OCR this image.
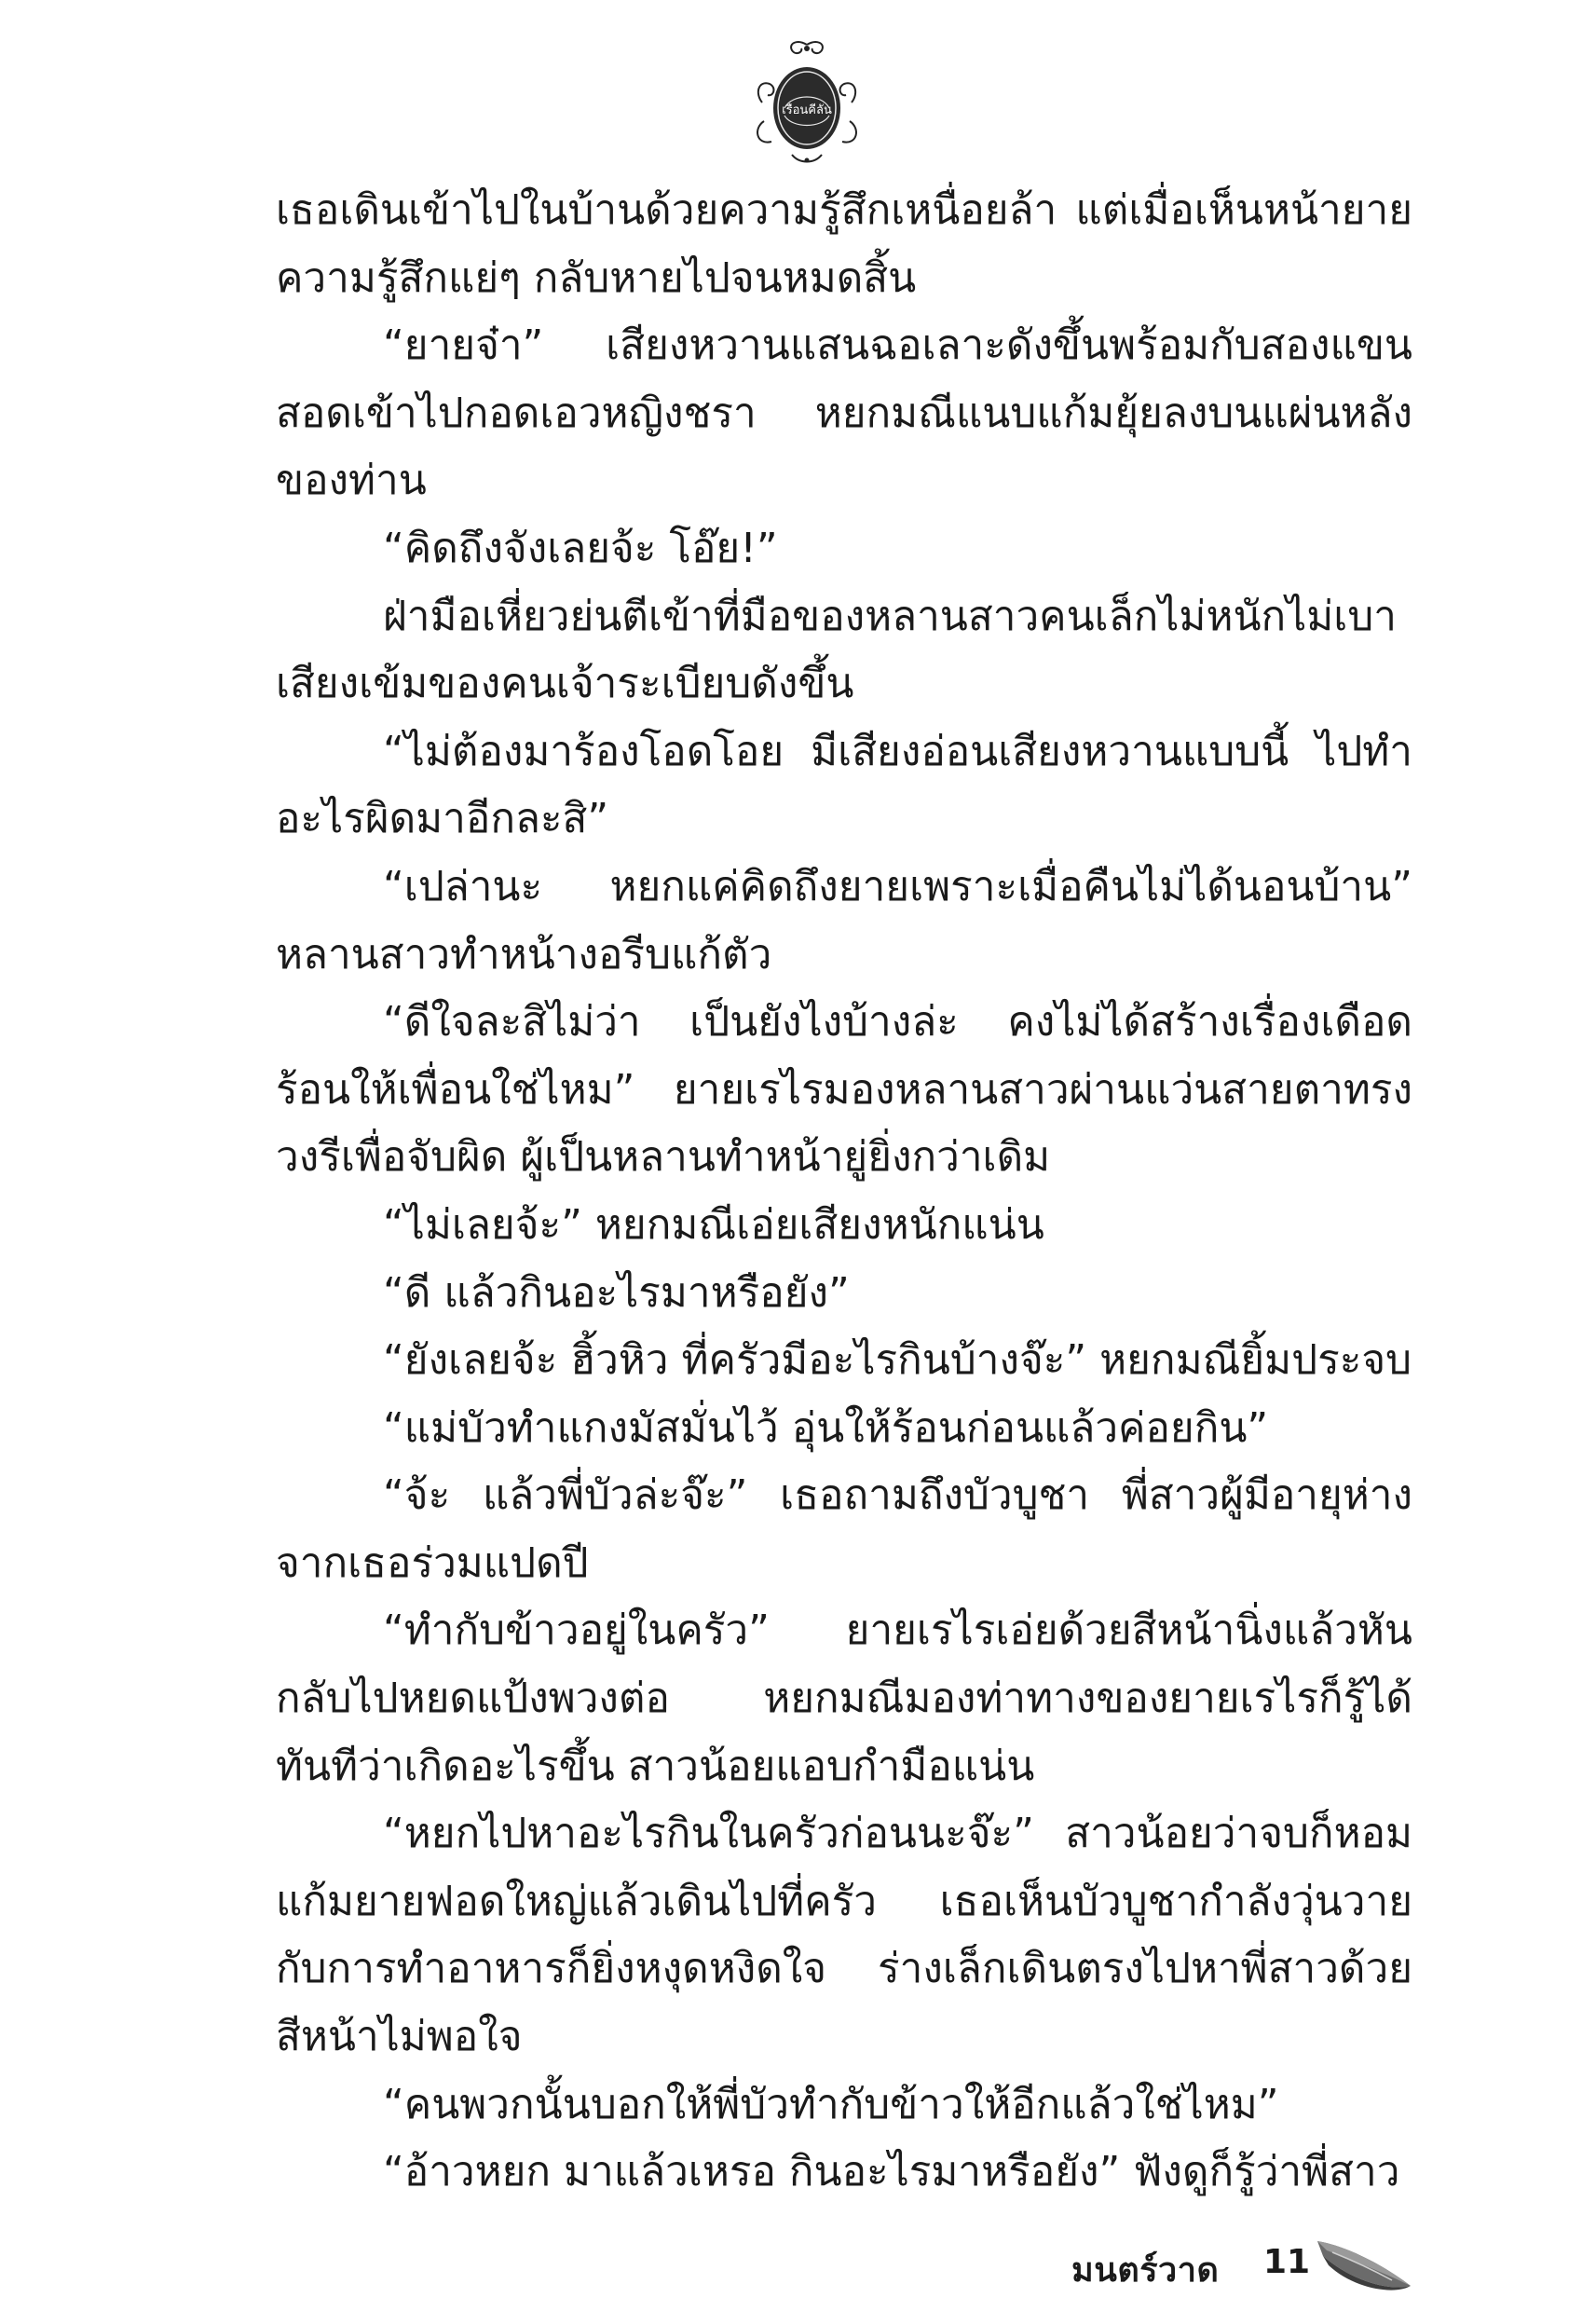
เรือนคีลัน

เธอเดินเข้าไปในบ้านด้วยความรู้สึกเหนื่อยล้า แต่เมื่อเห็นหน้ายาย ความรู้สึกแย่ๆ กลับหายไปจนหมดสิ้น

“ยายจ๋า” เสียงหวานแสนฉอเลาะดังขึ้นพร้อมกับสองแขนสอดเข้าไปกอดเอวหญิงชรา หยกมณีแนบแก้มยุ้ยลงบนแผ่นหลังของท่าน

“คิดถึงจังเลยจ้ะ โอ๊ย!”

ฝ่ามือเหี่ยวย่นตีเข้าที่มือของหลานสาวคนเล็กไม่หนักไม่เบา เสียงเข้มของคนเจ้าระเบียบดังขึ้น

“ไม่ต้องมาร้องโอดโอย มีเสียงอ่อนเสียงหวานแบบนี้ ไปทำอะไรผิดมาอีกละสิ”

“เปล่านะ หยกแค่คิดถึงยายเพราะเมื่อคืนไม่ได้นอนบ้าน” หลานสาวทำหน้างอรีบแก้ตัว

“ดีใจละสิไม่ว่า เป็นยังไงบ้างล่ะ คงไม่ได้สร้างเรื่องเดือดร้อนให้เพื่อนใช่ไหม” ยายเรไรมองหลานสาวผ่านแว่นสายตาทรงวงรีเพื่อจับผิด ผู้เป็นหลานทำหน้ายู่ยิ่งกว่าเดิม

“ไม่เลยจ้ะ” หยกมณีเอ่ยเสียงหนักแน่น

“ดี แล้วกินอะไรมาหรือยัง”

“ยังเลยจ้ะ ฮิ้วหิว ที่ครัวมีอะไรกินบ้างจ๊ะ” หยกมณียิ้มประจบ

“แม่บัวทำแกงมัสมั่นไว้ อุ่นให้ร้อนก่อนแล้วค่อยกิน”

“จ้ะ แล้วพี่บัวล่ะจ๊ะ” เธอถามถึงบัวบูชา พี่สาวผู้มีอายุห่างจากเธอร่วมแปดปี

“ทำกับข้าวอยู่ในครัว” ยายเรไรเอ่ยด้วยสีหน้านิ่งแล้วหันกลับไปหยดแป้งพวงต่อ หยกมณีมองท่าทางของยายเรไรก็รู้ได้ทันทีว่าเกิดอะไรขึ้น สาวน้อยแอบกำมือแน่น

“หยกไปหาอะไรกินในครัวก่อนนะจ๊ะ” สาวน้อยว่าจบก็หอมแก้มยายฟอดใหญ่แล้วเดินไปที่ครัว เธอเห็นบัวบูชากำลังวุ่นวายกับการทำอาหารก็ยิ่งหงุดหงิดใจ ร่างเล็กเดินตรงไปหาพี่สาวด้วยสีหน้าไม่พอใจ

“คนพวกนั้นบอกให้พี่บัวทำกับข้าวให้อีกแล้วใช่ไหม”

“อ้าวหยก มาแล้วเหรอ กินอะไรมาหรือยัง” ฟังดูก็รู้ว่าพี่สาว

มนตร์วาด 11
